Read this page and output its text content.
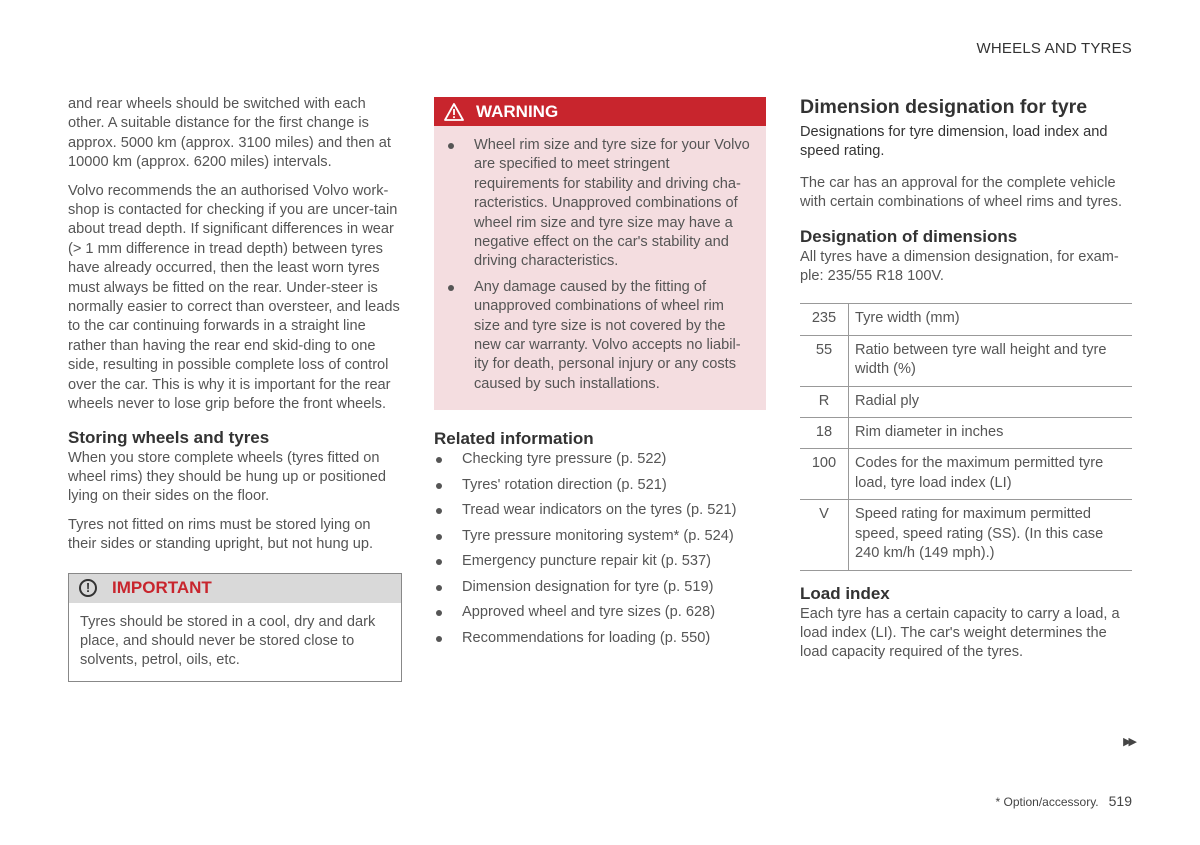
WHEELS AND TYRES

and rear wheels should be switched with each other. A suitable distance for the first change is approx. 5000 km (approx. 3100 miles) and then at 10000 km (approx. 6200 miles) intervals.

Volvo recommends the an authorised Volvo work-shop is contacted for checking if you are uncer-tain about tread depth. If significant differences in wear (> 1 mm difference in tread depth) between tyres have already occurred, then the least worn tyres must always be fitted on the rear. Under-steer is normally easier to correct than oversteer, and leads to the car continuing forwards in a straight line rather than having the rear end skid-ding to one side, resulting in possible complete loss of control over the car. This is why it is important for the rear wheels never to lose grip before the front wheels.

Storing wheels and tyres

When you store complete wheels (tyres fitted on wheel rims) they should be hung up or positioned lying on their sides on the floor.

Tyres not fitted on rims must be stored lying on their sides or standing upright, but not hung up.

!	IMPORTANT
Tyres should be stored in a cool, dry and dark place, and should never be stored close to solvents, petrol, oils, etc.
WARNING
Wheel rim size and tyre size for your Volvo are specified to meet stringent requirements for stability and driving cha-racteristics. Unapproved combinations of wheel rim size and tyre size may have a negative effect on the car's stability and driving characteristics.
Any damage caused by the fitting of unapproved combinations of wheel rim size and tyre size is not covered by the new car warranty. Volvo accepts no liabil-ity for death, personal injury or any costs caused by such installations.
Related information
Checking tyre pressure (p. 522)
Tyres' rotation direction (p. 521)
Tread wear indicators on the tyres (p. 521)
Tyre pressure monitoring system* (p. 524)
Emergency puncture repair kit (p. 537)
Dimension designation for tyre (p. 519)
Approved wheel and tyre sizes (p. 628)
Recommendations for loading (p. 550)
Dimension designation for tyre

Designations for tyre dimension, load index and speed rating.

The car has an approval for the complete vehicle with certain combinations of wheel rims and tyres.

Designation of dimensions

All tyres have a dimension designation, for exam-ple: 235/55 R18 100V.

235	Tyre width (mm)
55	Ratio between tyre wall height and tyre width (%)
R	Radial ply
18	Rim diameter in inches
100	Codes for the maximum permitted tyre load, tyre load index (LI)
V	Speed rating for maximum permitted speed, speed rating (SS). (In this case 240 km/h (149 mph).)
Load index

Each tyre has a certain capacity to carry a load, a load index (LI). The car's weight determines the load capacity required of the tyres.

▶▶
* Option/accessory. 519
